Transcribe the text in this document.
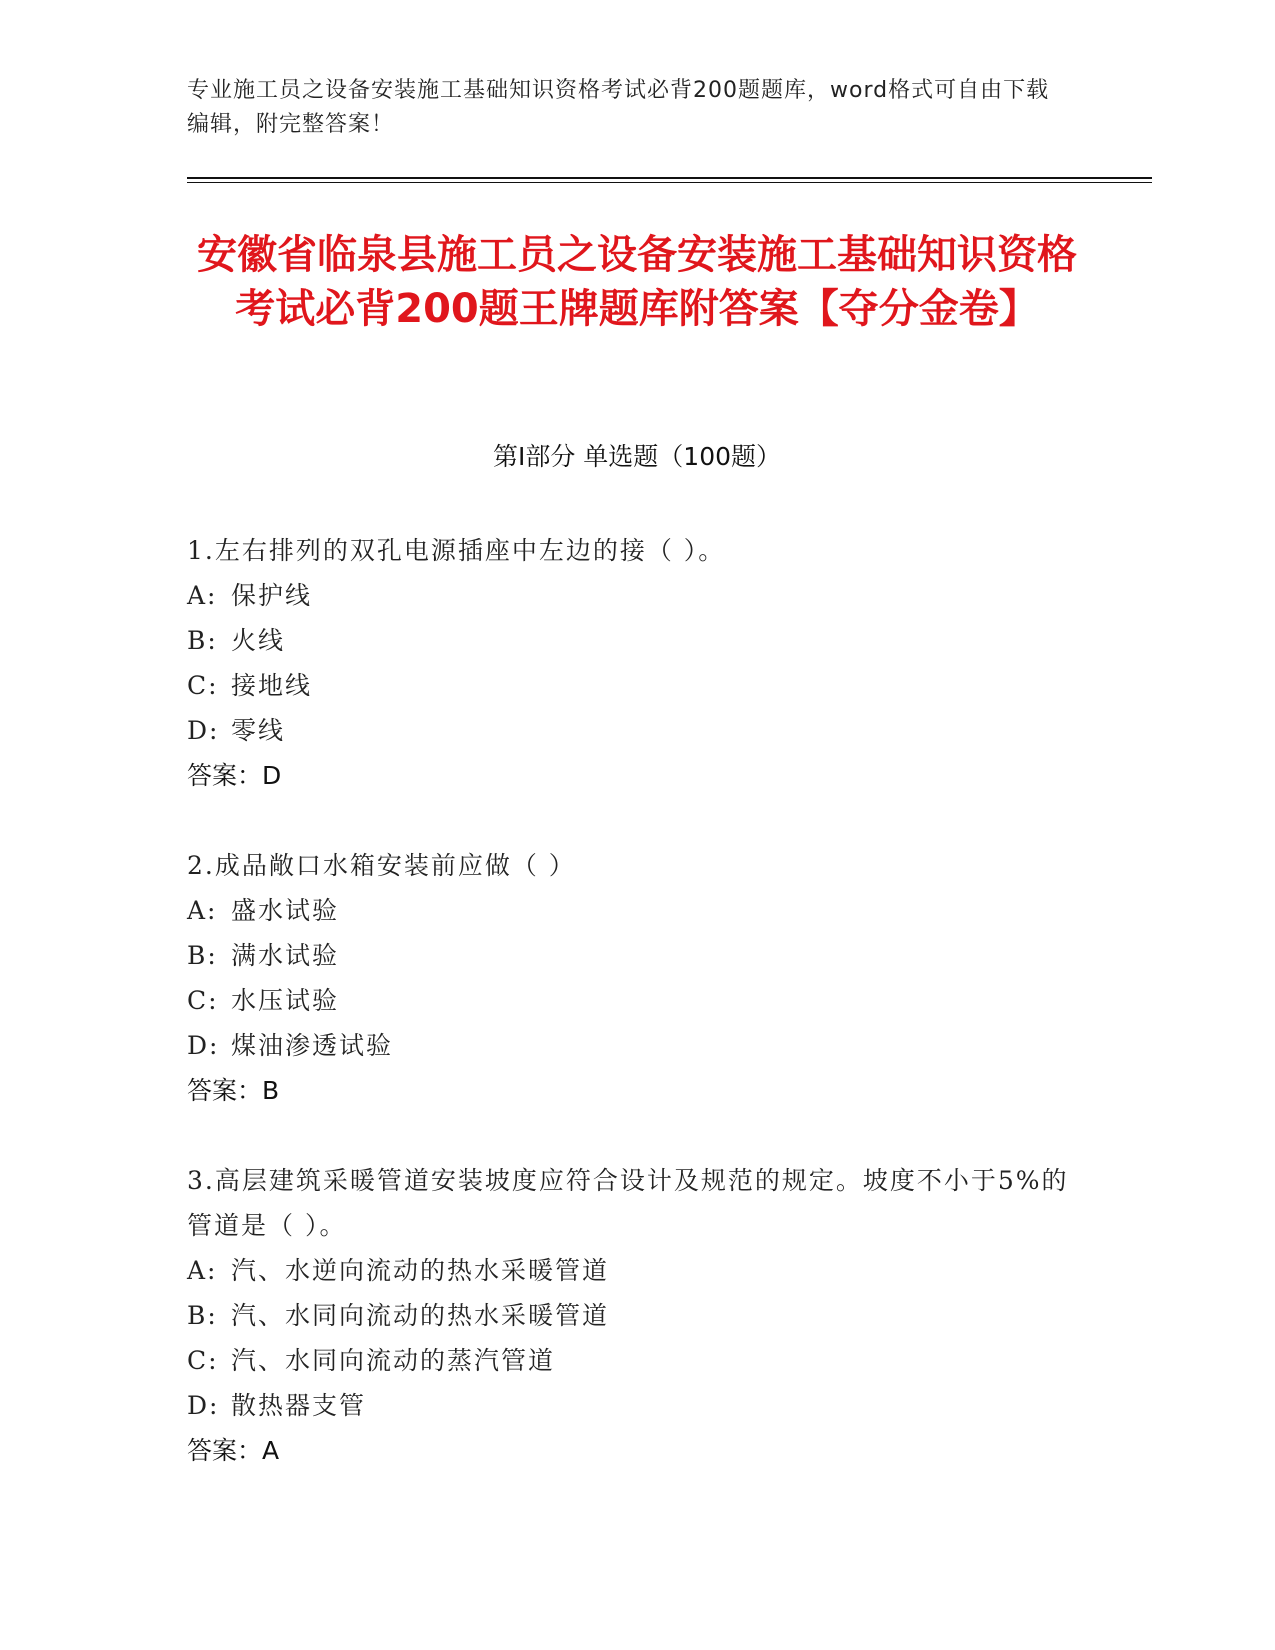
专业施工员之设备安装施工基础知识资格考试必背200题题库，word格式可自由下载编辑，附完整答案！
安徽省临泉县施工员之设备安装施工基础知识资格考试必背200题王牌题库附答案【夺分金卷】
第Ⅰ部分 单选题（100题）
1.左右排列的双孔电源插座中左边的接（ ）。
A: 保护线
B: 火线
C: 接地线
D: 零线
答案：D
2.成品敞口水箱安装前应做（ ）
A: 盛水试验
B: 满水试验
C: 水压试验
D: 煤油渗透试验
答案：B
3.高层建筑采暖管道安装坡度应符合设计及规范的规定。坡度不小于5%的管道是（ ）。
A: 汽、水逆向流动的热水采暖管道
B: 汽、水同向流动的热水采暖管道
C: 汽、水同向流动的蒸汽管道
D: 散热器支管
答案：A
